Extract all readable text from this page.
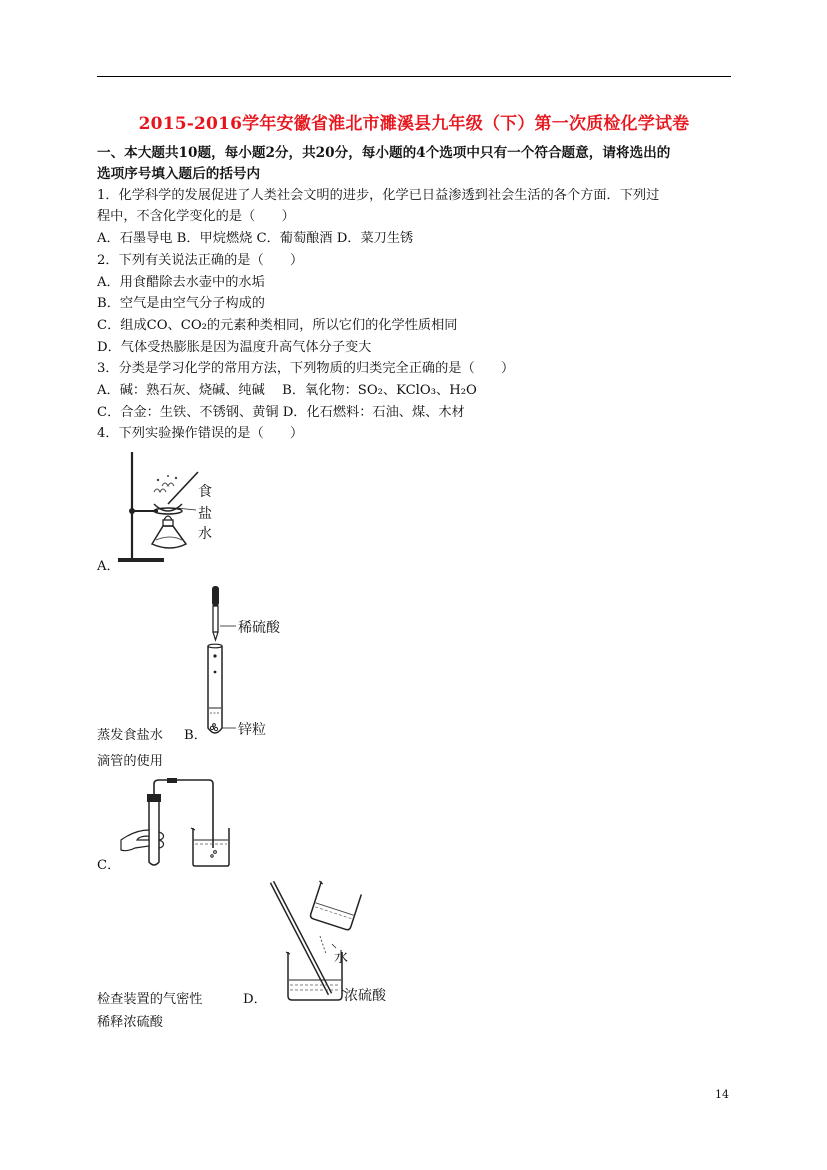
2015-2016学年安徽省淮北市濉溪县九年级（下）第一次质检化学试卷
一、本大题共10题，每小题2分，共20分，每小题的4个选项中只有一个符合题意，请将选出的
选项序号填入题后的括号内
1．化学科学的发展促进了人类社会文明的进步，化学已日益渗透到社会生活的各个方面．下列过
程中，不含化学变化的是（　　）
A．石墨导电 B．甲烷燃烧 C．葡萄酿酒 D．菜刀生锈
2．下列有关说法正确的是（　　）
A．用食醋除去水壶中的水垢
B．空气是由空气分子构成的
C．组成CO、CO₂的元素种类相同，所以它们的化学性质相同
D．气体受热膨胀是因为温度升高气体分子变大
3．分类是学习化学的常用方法，下列物质的归类完全正确的是（　　）
A．碱：熟石灰、烧碱、纯碱　 B．氧化物：SO₂、KClO₃、H₂O
C．合金：生铁、不锈钢、黄铜 D．化石燃料：石油、煤、木材
4．下列实验操作错误的是（　　）
食
盐
水
A．
稀硫酸
锌粒
蒸发食盐水 B．
滴管的使用
C．
水
浓硫酸
检查装置的气密性	D．
稀释浓硫酸
14
